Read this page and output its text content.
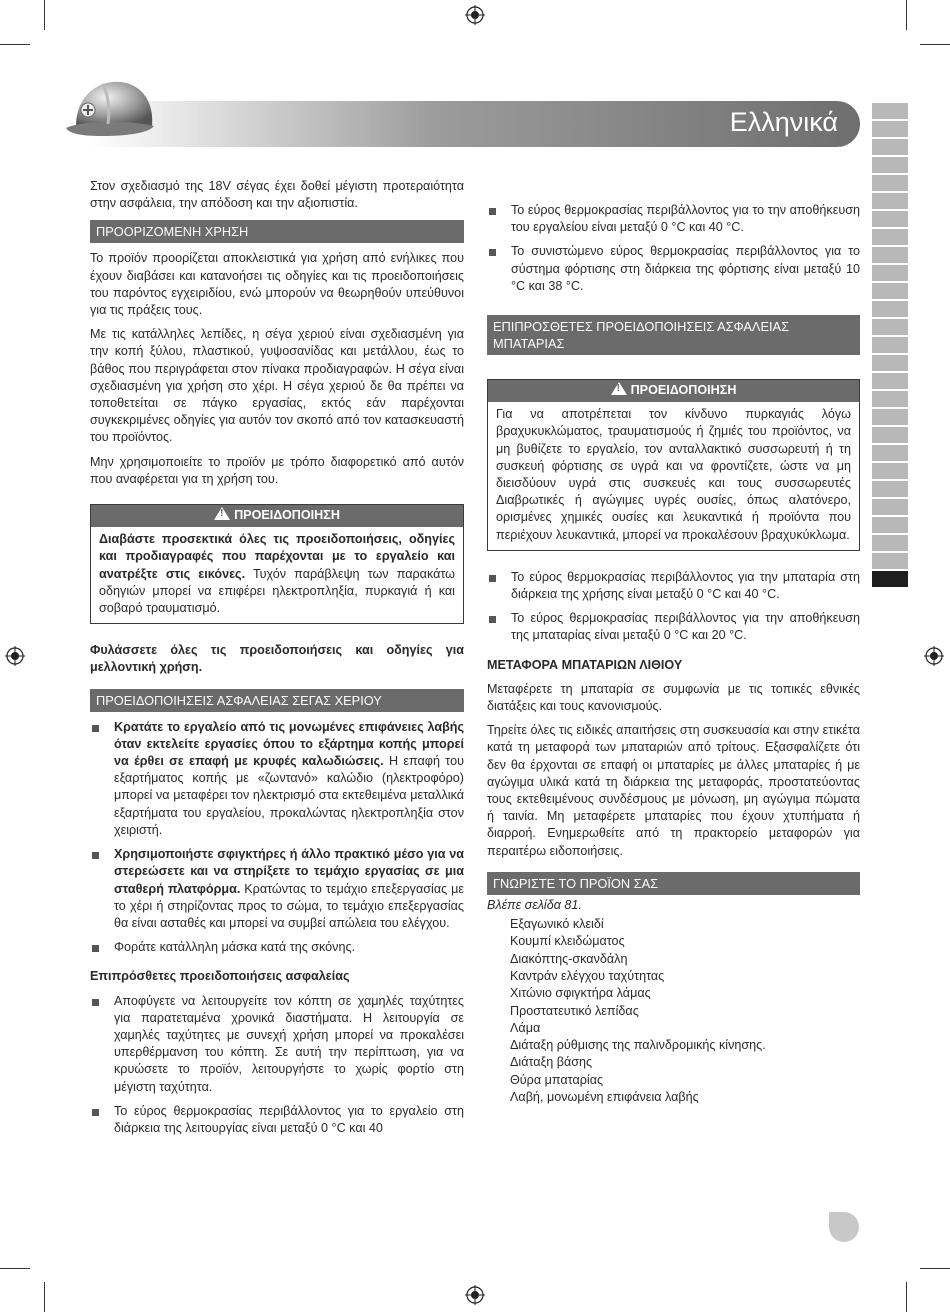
Ελληνικά

Στον σχεδιασμό της 18V σέγας έχει δοθεί μέγιστη προτεραιότητα στην ασφάλεια, την απόδοση και την αξιοπιστία.

ΠΡΟΟΡΙΖΟΜΕΝΗ ΧΡΗΣΗ

Το προϊόν προορίζεται αποκλειστικά για χρήση από ενήλικες που έχουν διαβάσει και κατανοήσει τις οδηγίες και τις προειδοποιήσεις του παρόντος εγχειριδίου, ενώ μπορούν να θεωρηθούν υπεύθυνοι για τις πράξεις τους.

Με τις κατάλληλες λεπίδες, η σέγα χεριού είναι σχεδιασμένη για την κοπή ξύλου, πλαστικού, γυψοσανίδας και μετάλλου, έως το βάθος που περιγράφεται στον πίνακα προδιαγραφών. Η σέγα είναι σχεδιασμένη για χρήση στο χέρι. Η σέγα χεριού δε θα πρέπει να τοποθετείται σε πάγκο εργασίας, εκτός εάν παρέχονται συγκεκριμένες οδηγίες για αυτόν τον σκοπό από τον κατασκευαστή του προϊόντος.

Μην χρησιμοποιείτε το προϊόν με τρόπο διαφορετικό από αυτόν που αναφέρεται για τη χρήση του.

!ΠΡΟΕΙΔΟΠΟΙΗΣΗ
Διαβάστε προσεκτικά όλες τις προειδοποιήσεις, οδηγίες και προδιαγραφές που παρέχονται με το εργαλείο και ανατρέξτε στις εικόνες. Τυχόν παράβλεψη των παρακάτω οδηγιών μπορεί να επιφέρει ηλεκτροπληξία, πυρκαγιά ή και σοβαρό τραυματισμό.

Φυλάσσετε όλες τις προειδοποιήσεις και οδηγίες για μελλοντική χρήση.

ΠΡΟΕΙΔΟΠΟΙΗΣΕΙΣ ΑΣΦΑΛΕΙΑΣ ΣΕΓΑΣ ΧΕΡΙΟΥ
Κρατάτε το εργαλείο από τις μονωμένες επιφάνειες λαβής όταν εκτελείτε εργασίες όπου το εξάρτημα κοπής μπορεί να έρθει σε επαφή με κρυφές καλωδιώσεις. Η επαφή του εξαρτήματος κοπής με «ζωντανό» καλώδιο (ηλεκτροφόρο) μπορεί να μεταφέρει τον ηλεκτρισμό στα εκτεθειμένα μεταλλικά εξαρτήματα του εργαλείου, προκαλώντας ηλεκτροπληξία στον χειριστή.
Χρησιμοποιήστε σφιγκτήρες ή άλλο πρακτικό μέσο για να στερεώσετε και να στηρίξετε το τεμάχιο εργασίας σε μια σταθερή πλατφόρμα. Κρατώντας το τεμάχιο επεξεργασίας με το χέρι ή στηρίζοντας προς το σώμα, το τεμάχιο επεξεργασίας θα είναι ασταθές και μπορεί να συμβεί απώλεια του ελέγχου.
Φοράτε κατάλληλη μάσκα κατά της σκόνης.
Επιπρόσθετες προειδοποιήσεις ασφαλείας
Αποφύγετε να λειτουργείτε τον κόπτη σε χαμηλές ταχύτητες για παρατεταμένα χρονικά διαστήματα. Η λειτουργία σε χαμηλές ταχύτητες με συνεχή χρήση μπορεί να προκαλέσει υπερθέρμανση του κόπτη. Σε αυτή την περίπτωση, για να κρυώσετε το προϊόν, λειτουργήστε το χωρίς φορτίο στη μέγιστη ταχύτητα.
Το εύρος θερμοκρασίας περιβάλλοντος για το εργαλείο στη διάρκεια της λειτουργίας είναι μεταξύ 0 °C και 40
Το εύρος θερμοκρασίας περιβάλλοντος για το την αποθήκευση του εργαλείου είναι μεταξύ 0 °C και 40 °C.
Το συνιστώμενο εύρος θερμοκρασίας περιβάλλοντος για το σύστημα φόρτισης στη διάρκεια της φόρτισης είναι μεταξύ 10 °C και 38 °C.
ΕΠΙΠΡΟΣΘΕΤΕΣ ΠΡΟΕΙΔΟΠΟΙΗΣΕΙΣ ΑΣΦΑΛΕΙΑΣ ΜΠΑΤΑΡΙΑΣ
!ΠΡΟΕΙΔΟΠΟΙΗΣΗ
Για να αποτρέπεται τον κίνδυνο πυρκαγιάς λόγω βραχυκυκλώματος, τραυματισμούς ή ζημιές του προϊόντος, να μη βυθίζετε το εργαλείο, τον ανταλλακτικό συσσωρευτή ή τη συσκευή φόρτισης σε υγρά και να φροντίζετε, ώστε να μη διεισδύουν υγρά στις συσκευές και τους συσσωρευτές Διαβρωτικές ή αγώγιμες υγρές ουσίες, όπως αλατόνερο, ορισμένες χημικές ουσίες και λευκαντικά ή προϊόντα που περιέχουν λευκαντικά, μπορεί να προκαλέσουν βραχυκύκλωμα.
Το εύρος θερμοκρασίας περιβάλλοντος για την μπαταρία στη διάρκεια της χρήσης είναι μεταξύ 0 °C και 40 °C.
Το εύρος θερμοκρασίας περιβάλλοντος για την αποθήκευση της μπαταρίας είναι μεταξύ 0 °C και 20 °C.
ΜΕΤΑΦΟΡΑ ΜΠΑΤΑΡΙΩΝ ΛΙΘΙΟΥ

Μεταφέρετε τη μπαταρία σε συμφωνία με τις τοπικές εθνικές διατάξεις και τους κανονισμούς.

Τηρείτε όλες τις ειδικές απαιτήσεις στη συσκευασία και στην ετικέτα κατά τη μεταφορά των μπαταριών από τρίτους. Εξασφαλίζετε ότι δεν θα έρχονται σε επαφή οι μπαταρίες με άλλες μπαταρίες ή με αγώγιμα υλικά κατά τη διάρκεια της μεταφοράς, προστατεύοντας τους εκτεθειμένους συνδέσμους με μόνωση, μη αγώγιμα πώματα ή ταινία. Μη μεταφέρετε μπαταρίες που έχουν χτυπήματα ή διαρροή. Ενημερωθείτε από τη πρακτορείο μεταφορών για περαιτέρω ειδοποιήσεις.

ΓΝΩΡΙΣΤΕ ΤΟ ΠΡΟΪΟΝ ΣΑΣ
Βλέπε σελίδα 81.
Εξαγωνικό κλειδί
Κουμπί κλειδώματος
Διακόπτης-σκανδάλη
Καντράν ελέγχου ταχύτητας
Χιτώνιο σφιγκτήρα λάμας
Προστατευτικό λεπίδας
Λάμα
Διάταξη ρύθμισης της παλινδρομικής κίνησης.
Διάταξη βάσης
Θύρα μπαταρίας
Λαβή, μονωμένη επιφάνεια λαβής
